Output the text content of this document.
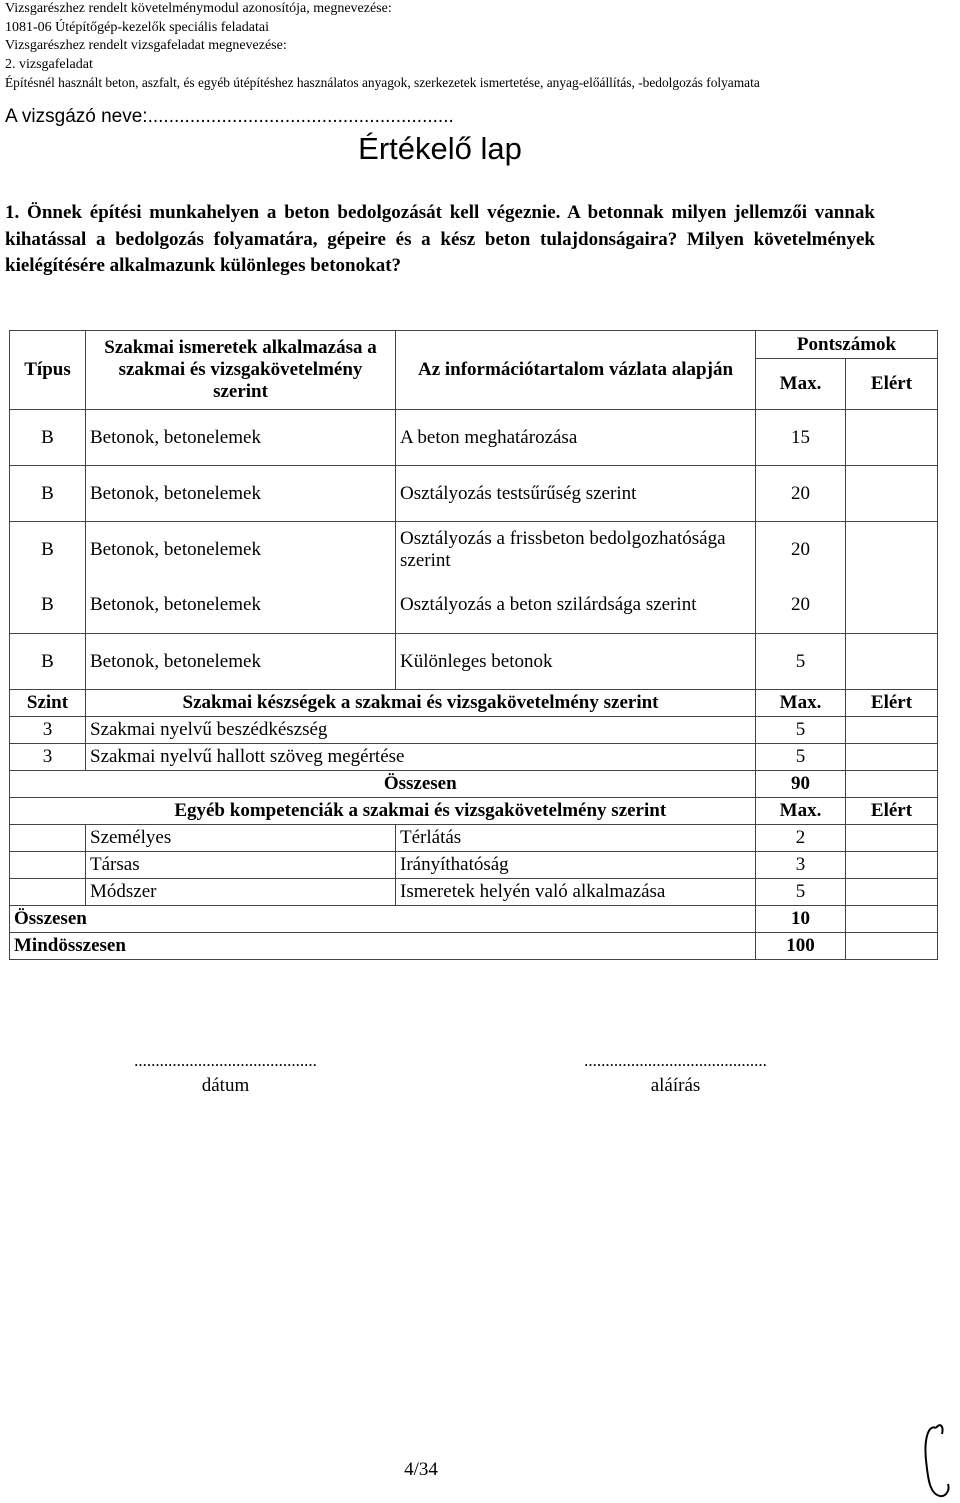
Vizsgarészhez rendelt követelménymodul azonosítója, megnevezése:
1081-06 Útépítőgép-kezelők speciális feladatai
Vizsgarészhez rendelt vizsgafeladat megnevezése:
2. vizsgafeladat
Építésnél használt beton, aszfalt, és egyéb útépítéshez használatos anyagok, szerkezetek ismertetése, anyag-előállítás, -bedolgozás folyamata
A vizsgázó neve:..........................................................
Értékelő lap
1. Önnek építési munkahelyen a beton bedolgozását kell végeznie. A betonnak milyen jellemzői vannak kihatással a bedolgozás folyamatára, gépeire és a kész beton tulajdonságaira? Milyen követelmények kielégítésére alkalmazunk különleges betonokat?
Típus	Szakmai ismeretek alkalmazása a szakmai és vizsgakövetelmény szerint	Az információtartalom vázlata alapján	Pontszámok	
			Max.	Elért
B	Betonok, betonelemek	A beton meghatározása	15	
B	Betonok, betonelemek	Osztályozás testsűrűség szerint	20	
B	Betonok, betonelemek	Osztályozás a frissbeton bedolgozhatósága szerint	20	
B	Betonok, betonelemek	Osztályozás a beton szilárdsága szerint	20	
B	Betonok, betonelemek	Különleges betonok	5	
Szint	Szakmai készségek a szakmai és vizsgakövetelmény szerint		Max.	Elért
3	Szakmai nyelvű beszédkészség		5	
3	Szakmai nyelvű hallott szöveg megértése		5	
	Összesen		90	
	Egyéb kompetenciák a szakmai és vizsgakövetelmény szerint		Max.	Elért
	Személyes	Térlátás	2	
	Társas	Irányíthatóság	3	
	Módszer	Ismeretek helyén való alkalmazása	5	
Összesen			10	
Mindösszesen			100	
...........................................
dátum
...........................................
aláírás
4/34
